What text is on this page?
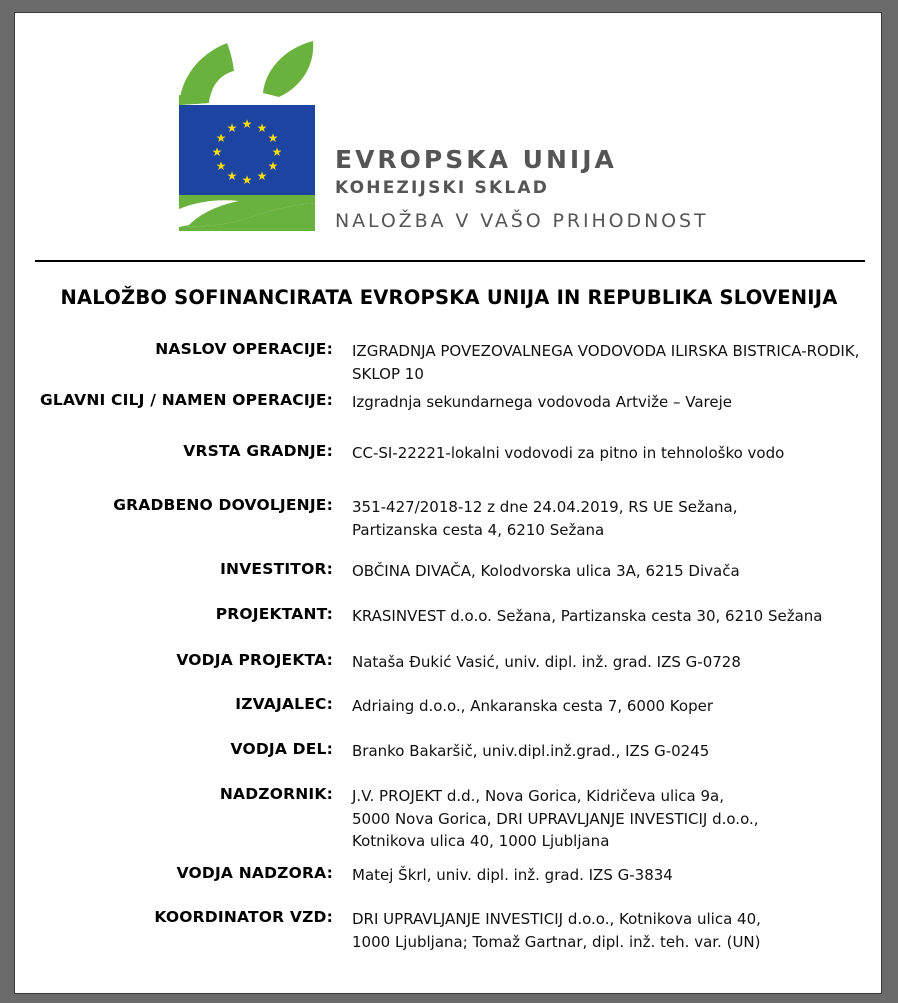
★ ★
★
★
★
★
★
★
★
★
★
★
EVROPSKA UNIJA
KOHEZIJSKI SKLAD
NALOŽBA V VAŠO PRIHODNOST
NALOŽBO SOFINANCIRATA EVROPSKA UNIJA IN REPUBLIKA SLOVENIJA
NASLOV OPERACIJE: IZGRADNJA POVEZOVALNEGA VODOVODA ILIRSKA BISTRICA-RODIK,
SKLOP 10
GLAVNI CILJ / NAMEN OPERACIJE: Izgradnja sekundarnega vodovoda Artviže – Vareje
VRSTA GRADNJE: CC-SI-22221-lokalni vodovodi za pitno in tehnološko vodo
GRADBENO DOVOLJENJE: 351-427/2018-12 z dne 24.04.2019, RS UE Sežana,
Partizanska cesta 4, 6210 Sežana
INVESTITOR: OBČINA DIVAČA, Kolodvorska ulica 3A, 6215 Divača
PROJEKTANT: KRASINVEST d.o.o. Sežana, Partizanska cesta 30, 6210 Sežana
VODJA PROJEKTA: Nataša Đukić Vasić, univ. dipl. inž. grad. IZS G-0728
IZVAJALEC: Adriaing d.o.o., Ankaranska cesta 7, 6000 Koper
VODJA DEL: Branko Bakaršič, univ.dipl.inž.grad., IZS G-0245
NADZORNIK: J.V. PROJEKT d.d., Nova Gorica, Kidričeva ulica 9a,
5000 Nova Gorica, DRI UPRAVLJANJE INVESTICIJ d.o.o.,
Kotnikova ulica 40, 1000 Ljubljana
VODJA NADZORA: Matej Škrl, univ. dipl. inž. grad. IZS G-3834
KOORDINATOR VZD: DRI UPRAVLJANJE INVESTICIJ d.o.o., Kotnikova ulica 40,
1000 Ljubljana; Tomaž Gartnar, dipl. inž. teh. var. (UN)
